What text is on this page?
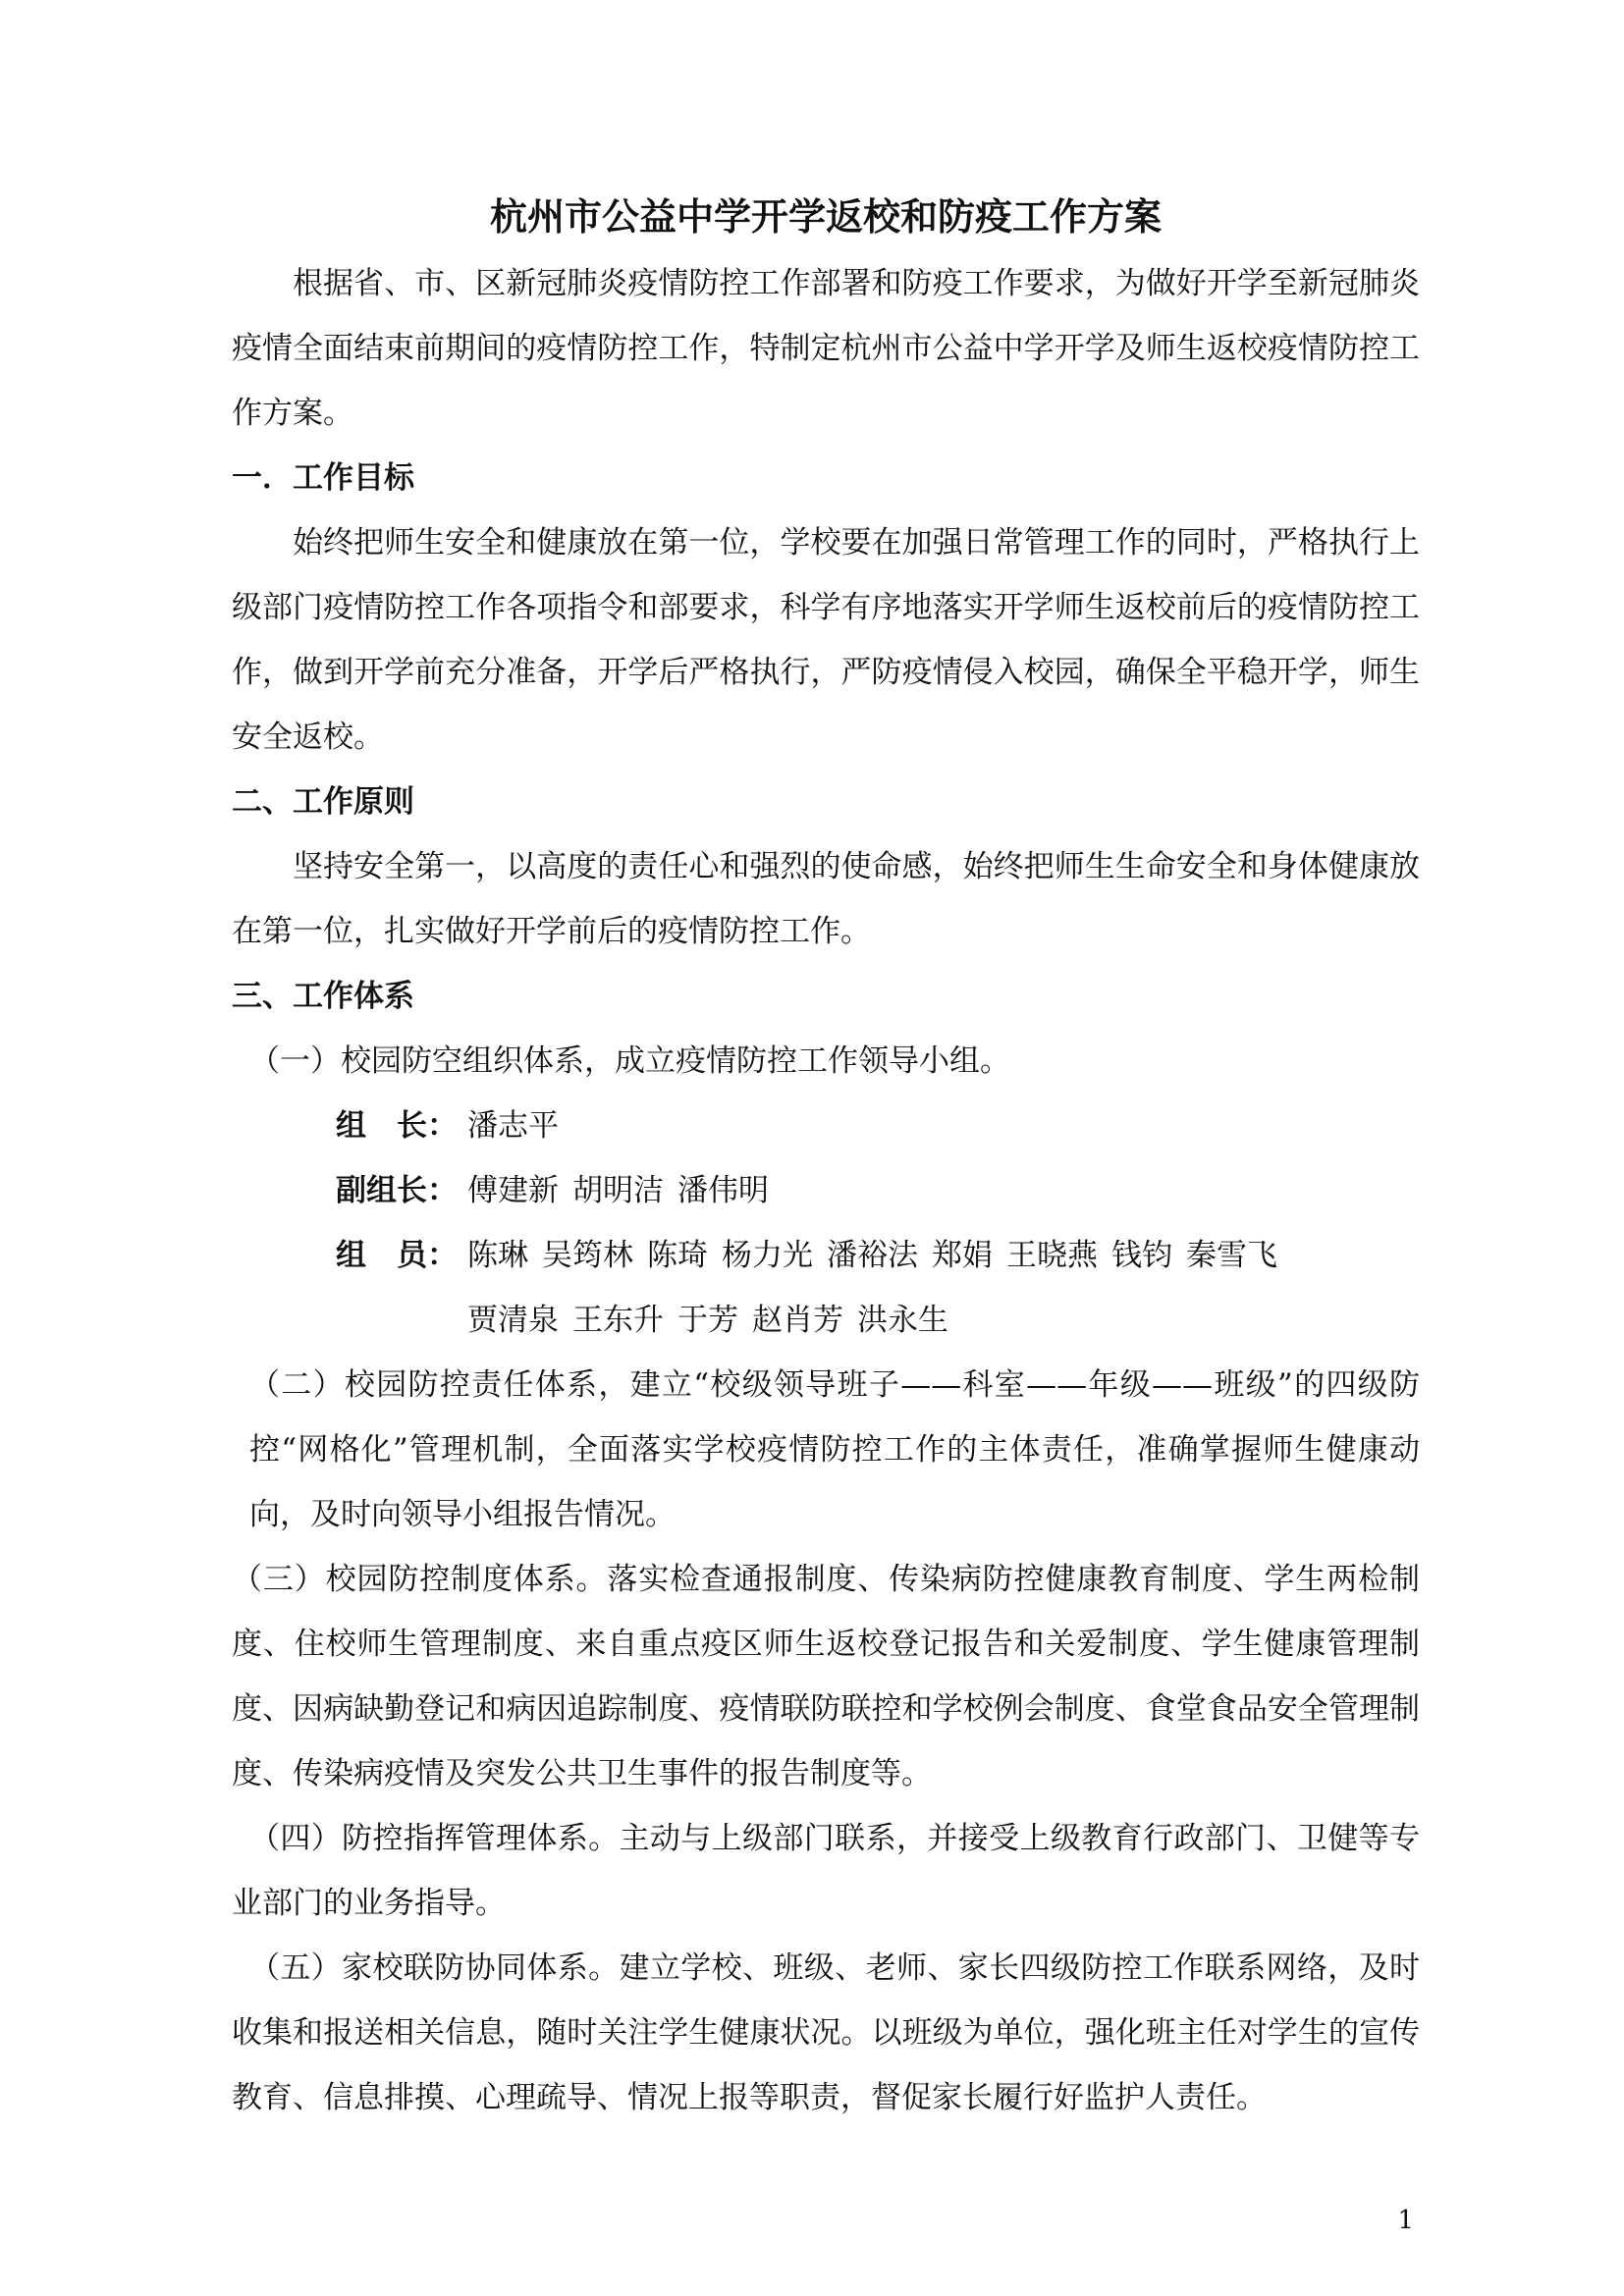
杭州市公益中学开学返校和防疫工作方案

根据省、市、区新冠肺炎疫情防控工作部署和防疫工作要求，为做好开学至新冠肺炎疫情全面结束前期间的疫情防控工作，特制定杭州市公益中学开学及师生返校疫情防控工作方案。

一．工作目标

始终把师生安全和健康放在第一位，学校要在加强日常管理工作的同时，严格执行上级部门疫情防控工作各项指令和部要求，科学有序地落实开学师生返校前后的疫情防控工作，做到开学前充分准备，开学后严格执行，严防疫情侵入校园，确保全平稳开学，师生安全返校。

二、工作原则

坚持安全第一，以高度的责任心和强烈的使命感，始终把师生生命安全和身体健康放在第一位，扎实做好开学前后的疫情防控工作。

三、工作体系

（一）校园防空组织体系，成立疫情防控工作领导小组。

组　长： 潘志平

副组长： 傅建新 胡明洁 潘伟明

组　员： 陈琳 吴筠林 陈琦 杨力光 潘裕法 郑娟 王晓燕 钱钧 秦雪飞

贾清泉 王东升 于芳 赵肖芳 洪永生

（二）校园防控责任体系，建立“校级领导班子——科室——年级——班级”的四级防控“网格化”管理机制，全面落实学校疫情防控工作的主体责任，准确掌握师生健康动向，及时向领导小组报告情况。

（三）校园防控制度体系。落实检查通报制度、传染病防控健康教育制度、学生两检制度、住校师生管理制度、来自重点疫区师生返校登记报告和关爱制度、学生健康管理制度、因病缺勤登记和病因追踪制度、疫情联防联控和学校例会制度、食堂食品安全管理制度、传染病疫情及突发公共卫生事件的报告制度等。

（四）防控指挥管理体系。主动与上级部门联系，并接受上级教育行政部门、卫健等专业部门的业务指导。

（五）家校联防协同体系。建立学校、班级、老师、家长四级防控工作联系网络，及时收集和报送相关信息，随时关注学生健康状况。以班级为单位，强化班主任对学生的宣传教育、信息排摸、心理疏导、情况上报等职责，督促家长履行好监护人责任。

1
